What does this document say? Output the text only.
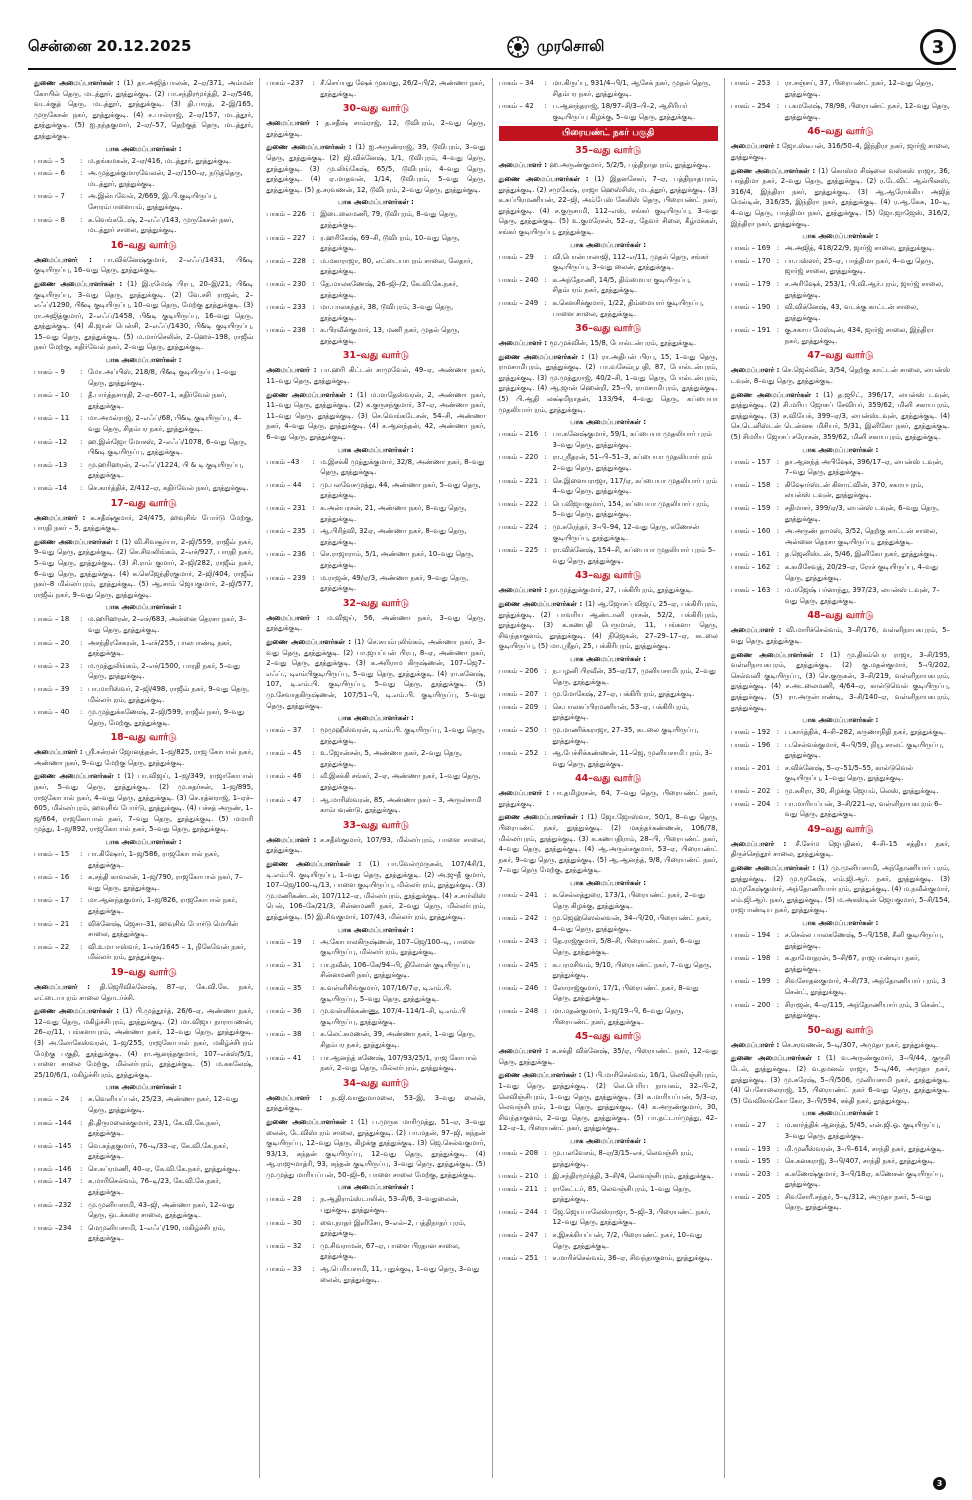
சென்னை 20.12.2025	முரசொலி	3

துணை அமைப்பாளர்கள் : (1) தா.அஜித்பாலன், 2–ஏ/371, அம்மன் கோயில் தெரு, மடத்தூர், தூத்துக்குடி. (2) பா.சந்திரமூர்த்தி, 2–ஏ/546, வடக்குத் தெரு, மடத்தூர், தூத்துக்குடி. (3) தி.பாரத், 2–இ/165, முருகேசன் நகர், தூத்துக்குடி. (4) ச.பால்ராஜ், 2–ஏ/157, மடத்தூர், தூத்துக்குடி. (5) ஐ.நந்தகுமார், 2–ஏ/–57, தெற்குத் தெரு, மடத்தூர், தூத்துக்குடி.

பாக அமைப்பாளர்கள் :
பாகம் – 5	: ம.தங்கமகன், 2–ஏ/416, மடத்தூர், தூத்துக்குடி.
பாகம் – 6	: அ.முத்துக்குமாரவேலன், 2–ஏ/150–ஏ, நடுத்தெரு, மடத்தூர், தூத்துக்குடி.
பாகம் – 7	: அ.இன்பவேல், 2/669, இ.பி.குடியிருப்பு, சோரம்பாளையம், தூத்துக்குடி.
பாகம் – 8	: க.வெங்கடேஷ், 2–எஃப்/143, முருகேசன் நகர், மடத்தூர் சாலை, தூத்துக்குடி.
16–வது வார்டு

அமைப்பாளர் : பா.விக்னேஷ்குமார், 2–எஃப்/1431, பி&டி குடியிருப்பு, 16–வது தெரு, தூத்துக்குடி.

துணை அமைப்பாளர்கள் : (1) இ.ரமேஷ் பிரபு, 20–இ/21, பி&டி குடியிருப்பு, 3–வது தெரு, தூத்துக்குடி. (2) வே.சசி ராஜன், 2–எஃப்/1290, பி&டி குடியிருப்பு, 10–வது தெரு, மேற்கு தூத்துக்குடி. (3) ரா.அஜித்குமார், 2–எஃப்/1458, பி&டி குடியிருப்பு, 16–வது தெரு, தூத்துக்குடி. (4) கி.ஜான் பென்சி, 2–எஃப்/1430, பி&டி குடியிருப்பு, 15–வது தெரு, தூத்துக்குடி. (5) ம.மார்செலின், 2–ஹெச்–198, ராஜீவ் நகர் மேற்கு, கதிர்வேல் நகர், 2–வது தெரு, தூத்துக்குடி.

பாக அமைப்பாளர்கள் :
பாகம் – 9	: மோ.அப்பிஸ், 218/8, பி&டி குடியிருப்பு 1–வது தெரு, தூத்துக்குடி.
பாகம் – 10	: தீ.பார்த்தசாரதி, 2–ஏ–607–1, கதிர்வேல் நகர், தூத்துக்குடி.
பாகம் – 11	: மா.அமல்ராஜ், 2–எஃப்/68, பி&டி குடியிருப்பு, 4–வது தெரு, சிதம்பர நகர், தூத்துக்குடி.
பாகம் –12	: ஹ.இன்ஜோ மோசஸ், 2–எஃப்/1078, 6–வது தெரு, பி&டி குடியிருப்பு, தூத்துக்குடி.
பாகம் –13	: மு.ஹரிஹரன், 2–எஃப்/1224, பி & டி குடியிருப்பு, தூத்துக்குடி.
பாகம் –14	: செ.கார்த்திக், 2/412–ஏ, கதிர்வேல் நகர், தூத்துக்குடி.
17–வது வார்டு

அமைப்பாளர் : க.சதீஷ்குமார், 24/475, ஹவுசிங் போர்டு மேற்கு, பாரதி நகர் – 5, தூத்துக்குடி.

துணை அமைப்பாளர்கள் : (1) வி.சிவசூர்யா, 2–ஜி/559, ராஜீவ் நகர், 9–வது தெரு, தூத்துக்குடி. (2) செ.சிவலிங்கம், 2–எச்/927, பாரதி நகர், 5–வது தெரு, தூத்துக்குடி. (3) சி.ராம் குமார், 2–ஜி/282, ராஜீவ் நகர், 6–வது தெரு, தூத்துக்குடி. (4) க.கெஜேந்திரகுமார், 2–ஜி/404, ராஜீவ் நகர்–8 மில்லர்புரம், தூத்துக்குடி. (5) ஆ.சாம் ஜெயகுமார், 2–ஜி/577, ராஜீவ் நகர், 9–வது தெரு, தூத்துக்குடி.

பாக அமைப்பாளர்கள் :
பாகம் – 18	: ம.ஹரிஹரன், 2–எச்/683, அன்னை தெரசா நகர், 3–வது தெரு, தூத்துக்குடி.
பாகம் – 20	: அசந்திரசேகரன், 1–எச்/255, பாலபாண்டி நகர், தூத்துக்குடி.
பாகம் – 23	: ம.முத்துலிங்கம், 2–எச்/1500, பாரதி நகர், 5–வது தெரு, தூத்துக்குடி.
பாகம் – 39	: பா.மாரிஸ்வர், 2–ஜி/498, ராஜீவ் நகர், 9–வது தெரு, மில்லர்புரம், தூத்துக்குடி.
பாகம் – 40	: மு.முத்துக்கணேஷ், 2–ஜி/599, ராஜீவ் நகர், 9–வது தெரு, மேற்கு, தூத்துக்குடி.
18–வது வார்டு

அமைப்பாளர் : ஸ்ரீ.சன்ரன் ஜோனத்தன், 1–ஜ/825, ராஜ கோபால் நகர், அண்ணா நகர், 9–வது மேற்கு தெரு, தூத்துக்குடி.

துணை அமைப்பாளர்கள் : (1) பா.விஜய், 1–ஜ/349, ராஜாகோபால் நகர், 5–வது தெரு, தூத்துக்குடி. (2) மு.சுதர்சன், 1–ஜ/895, ராஜகோபால் நகர், 4–வது தெரு, தூத்துக்குடி. (3) செ.ரத்னராஜ், 1–ஏச்–605, மில்லர்புரம், ஹவுசிங் போர்டு, தூத்துக்குடி. (4) பச்சத் அருண், 1–ஜ/664, ராஜகோபால் நகர், 7–வது தெரு, தூத்துக்குடி. (5) மமாரி முத்து, 1–ஜ/892, ராஜகோபால் நகர், 5–வது தெரு, தூத்துக்குடி.

பாக அமைப்பாளர்கள் :
பாகம் – 15	: பா.கிஷோர், 1–ஜ/586, ராஜகோபால் நகர், தூத்துக்குடி.
பாகம் – 16	: க.சந்தி காவலன், 1–ஜ/790, ராஜகோபால் நகர், 7–வது தெரு, தூத்துக்குடி.
பாகம் – 17	: மா.ஆனந்தகுமார், 1–ஜ/826, ராஜகோபால் நகர், தூத்துக்குடி.
பாகம் – 21	: விக்னேஷ், ஜெசா–31, ஹவுசிங் போர்டு மெயின் சாலை, தூத்துக்குடி.
பாகம் – 22	: வி.உமா ஈஸ்வர், 1–எச்/1645 – 1, நிகேவேன் நகர், மில்லர்புரம், தூத்துக்குடி.
19–வது வார்டு

அமைப்பாளர் : தி.ஜெரிவிக்னேஷ், 87–ஏ, கே.வி.கே. நகர், எட்டையபுரம் சாலை தொடர்ச்சி.

துணை அமைப்பாளர்கள் : (1) பி.முத்தூர்த், 26/6–ஏ, அண்ணா நகர், 12–வது தெரு, மகிழ்ச்சிபுரம், தூத்துக்குடி. (2) மா.விஜய நாராயணன், 26–ஏ/11, பங்களாபுரம், அண்ணா நகர், 12–வது தெரு, தூத்துக்குடி. (3) அ.லோகேஸ்வரன், 1–ஜ/255, ராஜகோபால் நகர், மகிழ்ச்சிபுரம் மேற்கு பகுதி, தூத்துக்குடி. (4) ரா.ஆனந்தகுமார், 107–எக்ஸ்/5/1, பாளை சாலை மேற்கு, மில்லர்புரம், தூத்துக்குடி. (5) ம.சுகலேஷ், 25/10/6/1, மகிழ்ச்சிபுரம், தூத்துக்குடி.

பாக அமைப்பாளர்கள் :
பாகம் – 24	: சு.வெளியப்பன், 25/23, அண்ணா நகர், 12–வது தெரு, தூத்துக்குடி.
பாகம் –144	: தி.திருமலைக்குமார், 23/1, கே.வி.கே.நகர், தூத்துக்குடி.
பாகம் –145	: வெ.கந்தகுமார், 76–டி/33–ஏ, கே.வி.கே.நகர், தூத்துக்குடி.
பாகம் –146	: செ.சுப்ரமணி, 40–ஏ, கே.வி.கே.நகர், தூத்துக்குடி.
பாகம் –147	: சு.மாரிசெல்வம், 76–டி/23, கே.வி.கே.நகர், தூத்துக்குடி.
பாகம் –232	: மு.முனியசாமி, 43–ஜி, அண்ணா நகர், 12–வது தெரு, ஒடக்கரை சாலை, தூத்துக்குடி.
பாகம் –234	: மெமுனியசாமி, 1–எஃப்/190, மகிழ்ச்சிபுரம், தூத்துக்குடி.
பாகம் –237	: சீ.செய்யது ஷேக் முகமது, 26/2–பி/2, அண்ணா நகர், தூத்துக்குடி.
30–வது வார்டு

அமைப்பாளர் : த.சதீஷ் சாம்ராஜ், 12, டூவிபுரம், 2–வது தெரு, தூத்துக்குடி.

துணை அமைப்பாளர்கள் : (1) ஐ.அருண்ராஜ், 39, டூவிபுரம், 3–வது தெரு, தூத்துக்குடி. (2) ஜி.விக்னேஷ், 1/1, டூவிபுரம், 4–வது தெரு, தூத்துக்குடி. (3) மு.லிங்கேஷ், 65/5, டூவிபுரம், 4–வது தெரு, தூத்துக்குடி. (4) ஏ.மாதவன், 1/14, டூவிபுரம், 5–வது தெரு, தூத்துக்குடி. (5) த.சரவணன், 12, டூவிபுரம், 2–வது தெரு, தூத்துக்குடி.

பாக அமைப்பாளர்கள் :
பாகம் – 226 : இடைலைமணி, 79, டூவிபுரம், 8–வது தெரு, தூத்துக்குடி.
பாகம் – 227 : ர.ஹரிகேஷ், 69–சி, டூவிபுரம், 10–வது தெரு, தூத்துக்குடி.
பாகம் – 228 : ம.மகாராஜா, 80, எட்டையாபுரம் சாலை, லேதார், தூத்துக்குடி.
பாகம் – 230 : தே.மாலகணேஷ், 26–ஜி–/2, கே.வி.கே.நகர், தூத்துக்குடி.
பாகம் – 233 : மா.பாலகந்தர், 38, டூவிபுரம், 3–வது தெரு, தூத்துக்குடி.
பாகம் – 238 : க.பிரவீன்குமார், 13, மணி நகர், முதல் தெரு, தூத்துக்குடி.
31–வது வார்டு

அமைப்பாளர் : பா.ஹரி கிட்டன் சாமுவேல், 49–ஏ, அண்ணா நகர், 11–வது தெரு, தூத்துக்குடி.

துணை அமைப்பாளர்கள் : (1) ம.மாதேஸ்வரன், 2, அண்ணா நகர், 11–வது தெரு, தூத்துக்குடி. (2) க.குருசந்குமார், 37–ஏ, அண்ணா நகர், 11–வது தெரு, தூத்துக்குடி. (3) செ.வெங்கடேசன், 54–சி, அண்ணா நகர், 4–வது தெரு, தூத்துக்குடி. (4) ச.ஆனந்தன், 42, அண்ணா நகர், 6–வது தெரு, தூத்துக்குடி.

பாக அமைப்பாளர்கள் :
பாகம் –43	: ம.இசக்கி முத்துக்குமார், 32/8, அண்ணா நகர், 8–வது தெரு, தூத்துக்குடி.
பாகம் – 44	: மு.பலவேசமுத்து, 44, அண்ணா நகர், 5–வது தெரு, தூத்துக்குடி.
பாகம் – 231 : க.அன்பரசன், 21, அண்ணா நகர், 8–வது தெரு, தூத்துக்குடி.
பாகம் – 235 : ஆ.பிரித்வி, 32ஏ, அண்ணா நகர், 8–வது தெரு, தூத்துக்குடி.
பாகம் – 236 : செ.ராஜாராம், 5/1, அண்ணா நகர், 10–வது தெரு, தூத்துக்குடி.
பாகம் – 239 : ம.ராஜன், 49/ஏ/3, அண்ணா நகர், 9–வது தெரு, தூத்துக்குடி.
32–வது வார்டு

அமைப்பாளர் : ம.விஜய், 56, அண்ணா நகர், 3–வது தெரு, தூத்துக்குடி.

துணை அமைப்பாளர்கள் : (1) செ.சுயம்புலிங்கம், அண்ணா நகர், 3–வது தெரு, தூத்துக்குடி. (2) பா.ஜயப்பன் பிரபு, 8–ஏ, அண்ணா நகர், 2–வது தெரு, தூத்துக்குடி. (3) க.அரிராம கிருஷ்ணன், 107–ஜெ7–எஃப்., டிஎம்பிகுடியிருப்பு, 5–வது தெரு, தூத்துக்குடி. (4) ரா.கனேஷ், 107, டி.எம்.பி. குடியிருப்பு, 5–வது தெரு, தூத்துக்குடி. (5) மு.சேவாதகிருஷ்ணன், 107/51–பி, டி.எம்.பி. குடியிருப்பு, 5–வது தெரு, தூத்துக்குடி.

பாக அமைப்பாளர்கள் :
பாகம் – 37	: மூமுஹீஸ்வரன், டி.எம்.பி. குடியிருப்பு, 1–வது தெரு, தூத்துக்குடி.
பாகம் – 45	: உ.ஜோன்சன், 5, அண்ணா நகர், 2–வது தெரு, தூத்துக்குடி.
பாகம் – 46	: வீ.இசக்கி சங்கர், 2–ஏ, அண்ணா நகர், 1–வது தெரு, தூத்துக்குடி.
பாகம் – 47	: ஆ.மாரிஸ்வரன், 85, அண்ணா நகர் – 3, அருள்சாமி காம்பவுண்டு, தூத்துக்குடி.
33–வது வார்டு

அமைப்பாளர் : ச.சதீஸ்குமார், 107/93, மில்லர்புரம், பாளை சாலை, தூத்துக்குடி.

துணை அமைப்பாளர்கள் : (1) பா.வேல்முருகன், 107/4சி/1, டி.எம்.பி. குடியிருப்பு, 1–வது தெரு, தூத்துக்குடி. (2) அ.ஜுதீ குமார், 107–ஜெ/100–டி/13, பாளை குடியிருப்பு, மில்லர்புரம், தூத்துக்குடி. (3) மு.மணிகண்டன், 107/112–ஏ, மில்லர்புரம், தூத்துக்குடி. (4) ச.சார்லிஸ் பெல், 106–கே/21/3, சின்னமணி நகர், 2–வது தெரு, மில்லர்புரம், தூத்துக்குடி. (5) இ.சிவகுமார், 107/43, மில்லர்புரம், தூத்துக்குடி.

பாக அமைப்பாளர்கள் :
பாகம் – 19	: அ.கோபாலகிருஷ்ணன், 107–ஜெ/100–டி, பாளை குடியிருப்பு, மில்லர்புரம், தூத்துக்குடி.
பாகம் – 31	: பா.நவீன், 106–கே/94–பி, திலோன் குடியிருப்பு, சின்னமணி நகர், தூத்துக்குடி.
பாகம் – 35	: க.வள்ளிசிங்குமார், 107/16/7ஏ, டி.எம்.பி. குடியிருப்பு, 5–வது தெரு, தூத்துக்குடி.
பாகம் – 36	: மு.வள்ளிக்கண்ணு, 107/4–114/1–சி, டி.எம்.பி குடியிருப்பு, தூத்துக்குடி.
பாகம் – 38	: க.லெட்சுமணன், 39, அண்ணா நகர், 1–வது தெரு, சிதம்பர நகர், தூத்துக்குடி.
பாகம் – 41	: பா.ஆனந்த் கணேஷ், 107/93/25/1, ராஜ கோபால் நகர், 2–வது தெரு, மில்லர்புரம், தூத்துக்குடி.
34–வது வார்டு

அமைப்பாளர் : ந.ஜி.வானுமாமலை, 53–இ, 3–வது லைன், தூத்துக்குடி.

துணை அமைப்பாளர்கள் : (1) ப.முருக மாரிமுத்து, 51–ஏ, 3–வது லைன், டேவிஸ்புரம் சாலை, தூத்துக்குடி. (2) பா.மதன், 97–ஜி, கந்தன் குடியிருப்பு, 12–வது தெரு, கிழக்கு தூத்துக்குடி. (3) ஜெ.செல்வகுமார், 93/13, கந்தன் குடியிருப்பு, 12–வது தெரு, தூத்துக்குடி. (4) ஆ.ராஜுமாத்ரி, 93, கந்தன் குடியிருப்பு, 3–வது தெரு, தூத்துக்குடி. (5) மு.முத்து மாரியப்பன், 50–ஜி–6, பாளை சாலை மேற்கு, தூத்துக்குடி.

பாக அமைப்பாளர்கள் :
பாகம் – 28	: ந.ஆதிராம்ஸ்டாலின், 53–சி/6, 3–வதுலைன், புதுக்குடி, தூத்துக்குடி.
பாகம் – 30	: வை.நாதர் இளிசோ, 9–எல்–2, பத்திநாதர் புரம், தூத்துக்குடி.
பாகம் – 32	: மு.சிவராமன், 67–ஏ, பாளை பிரதான சாலை, தூத்துக்குடி.
பாகம் – 33	: ஆ.பெரியசாமி, 11, புதுக்குடி, 1–வது தெரு, 3–வது லைன், தூத்துக்குடி.
பாகம் – 34	: மா.கிருப்பு, 931/4–பி/1, ஆசேக் நகர், முதல் தெரு, சிதம்பர நகர், தூத்துக்குடி.
பாகம் – 42	: ப.ஆனந்தராஜ், 18/97–சி/3–பி–2, ஆசிரியர் குடியிருப்பு கிழக்கு, 5–வது தெரு, தூத்துக்குடி.
பிரையண்ட் நகர் பகுதி
35–வது வார்டு

அமைப்பாளர் : ஹ.அருண்குமார், 5/2/5, பத்திநாதபுரம், தூத்துக்குடி.

துணை அமைப்பாளர்கள் : (1) இதனசேகர், 7–ஏ, பத்திநாதபுரம், தூத்துக்குடி. (2) சமுகேஷ், ராஜா ஹெஸ்சிஸ், மடத்தூர், தூத்துக்குடி. (3) க.சுப்பிரமணியன், 22–ஜி, அம்பேஸ் கேலிஸ் தெரு, பிரையண்ட் நகர், தூத்துக்குடி. (4) ச.குருசாமி, 112–எஸ், சங்கர் குடியிருப்பு, 3–வது தெரு, தூத்துக்குடி. (5) உ.குமரேசன், 52–ஏ, தேவர் சிலை, கீழ்மக்கள், சங்கர் குடியிருப்பு, தூத்துக்குடி.

பாக அமைப்பாளர்கள் :
பாகம் – 29	: வி.பொன்பாலாஜி, 112–எ/11, முதல் தெரு, சங்கர் குடியிருப்பு, 3–வது லைன், தூத்துக்குடி.
பாகம் – 240 : க.அந்தோணி, 14/5, திம்மையா குடியிருப்பு, சிதம்பரம் நகர், தூத்துக்குடி.
பாகம் – 249 : க.கௌசிக்குமார், 1/22, திம்மையார் குடியிருப்பு, பாளை சாலை, தூத்துக்குடி.
36–வது வார்டு

அமைப்பாளர் : மூ.முக்வின், 15/8, போல்டன்புரம், தூத்துக்குடி.

துணை அமைப்பாளர்கள் : (1) ரா.அதிபன் பிரபு, 15, 1–வது தெரு, ராமசாமிபுரம், தூத்துக்குடி. (2) பா.வசேவ்பூபதி, 87, போல்டன்புரம், தூத்துக்குடி. (3) மு.முத்துராஜ், 40/2–சி, 1–வது தெரு, போல்டன்புரம், தூத்துக்குடி. (4) ஆ.ஜான் ஹென்றி, 25–பி, ராமசாமிபுரம், தூத்துக்குடி. (5) பி.ஆதி லக்ஷ்மிநாதன், 133/94, 4–வது தெரு, கப்பையா முதலியார்புரம், தூத்துக்குடி.

பாக அமைப்பாளர்கள் :
பாகம் – 216 : பா.கனேஷ்குமார், 59/1, கப்பையா முதலியார் புரம் 3–வது தெரு, தூத்துக்குடி.
பாகம் – 220 : ரா.ஸ்ரீதரன், 51–பி–51–3, கப்பையா முதலியார்புரம் 2–வது தெரு, தூத்துக்குடி.
பாகம் – 221 : செ.இளையராஜா, 117/ஏ, கப்பையா முதலியார் புரம் 4–வது தெரு, தூத்துக்குடி.
பாகம் – 222 : பெ.விஜயகுமார், 154, கப்பையா முதலியார் புரம், 5–வது தெரு, தூத்துக்குடி.
பாகம் – 224 : மு.சுரேந்தர், 3–பி–94, 12–வது தெரு, கணேசன் குடியிருப்பு, தூத்துக்குடி.
பாகம் – 225 : ரா.விக்னேஷ், 154–சி, கப்பையா முதலியார் புரம் 5–வது தெரு, தூத்துக்குடி.
43–வது வார்டு

அமைப்பாளர் : நா.முத்துக்குமார், 27, பக்கிரிபுரம், தூத்துக்குடி.

துணை அமைப்பாளர்கள் : (1) ஆ.ஜோசப் விஜய், 25–ஏ, பக்கிரிபுரம், தூத்துக்குடி. (2) பாவரிய ஆண்டானி ராசன், 52/2, பக்கிரிபுரம், தூத்துக்குடி. (3) க.கணபதி பெருமாள், 11, பங்களா தெரு, சிவந்தாகுளம், தூத்துக்குடி. (4) நிஜெகன், 27–29–17–ஏ, சுடலை குடியிருப்பு, (5) மா.ஸ்ரீதர், 25, பக்கிரிபுரம், தூத்துக்குடி.

பாக அமைப்பாளர்கள் :
பாகம் – 206 : ந.பழனி பிரவீன், 35–ஏ/17, முனியசாமிபுரம், 2–வது தெரு, தூத்துக்குடி.
பாகம் – 207 : மு.மோகேஷ், 27–ஏ, பக்கிரிபுரம், தூத்துக்குடி.
பாகம் – 209 : செ.பாலசுப்பிரமணியன், 53–ஏ, பக்கிரிபுரம், தூத்துக்குடி.
பாகம் – 250 : மு.மாணிக்கராஜா, 27–35, சுடலை குடியிருப்பு, தூத்துக்குடி.
பாகம் – 252 : ஆ.பேச்சிக்கண்ணன், 11–ஜெ, முனியசாமி புரம், 3–வது தெரு, தூத்துக்குடி.
44–வது வார்டு

அமைப்பாளர் : பா.தமிழரசன், 64, 7–வது தெரு, பிரையண்ட் நகர், தூத்துக்குடி.

துணை அமைப்பாளர்கள் : (1) ஜோ.ஜோஸ்வா, 50/1, 8–வது தெரு, பிரையண்ட் நகர், தூத்துக்குடி. (2) மகந்தர்கண்ணன், 106/78, மில்லர்புரம், தூத்துக்குடி. (3) க.கணபதிராம், 28–பி, பிரையண்ட் நகர், 4–வது தெரு, தூத்துக்குடி. (4) ஆ.அருள்சகுமார், 53–ஏ, பிரையண்ட் நகர், 9–வது தெரு, தூத்துக்குடி. (5) ஆ.ஆனந்த், 9/8, பிரையண்ட் நகர், 7–வது தெரு மேற்கு, தூத்துக்குடி.

பாக அமைப்பாளர்கள் :
பாகம் – 241 : க.செல்லத்துரை, 173/1, பிரையண்ட் நகர், 2–வது தெரு கிழக்கு, தூத்துக்குடி.
பாகம் – 242 : மு.ஜெஹ்ஸெல்லவன், 34–பி/20, பிரையண்ட் நகர், 4–வது தெரு, தூத்துக்குடி.
பாகம் – 243 : தே.ராஜ்குமார், 5/8–சி, பிரையண்ட் நகர், 6–வது தெரு, தூத்துக்குடி.
பாகம் – 245 : க.பரமசிவம், 9/10, பிரையண்ட் நகர், 7–வது தெரு, தூத்துக்குடி.
பாகம் – 246 : லோராஜ்குமார், 17/1, பிரையண்ட் நகர், 8–வது தெரு, தூத்துக்குடி.
பாகம் – 248 : மா.மதன்குமார், 1–ஜ/19–பி, 6–வது தெரு, பிரையண்ட் நகர், தூத்துக்குடி.
45–வது வார்டு

அமைப்பாளர் : க.சக்தி விக்னேஷ், 35/ஏ, பிரையண்ட் நகர், 12–வது தெரு, தூத்துக்குடி.

துணை அமைப்பாளர்கள் : (1) பி.மாரிசெல்வம், 16/1, லெவிஞ்சிபுரம், 1–வது தெரு, தூத்துக்குடி. (2) லெ.பெரிய நாயகம், 32–பி–2, லெவிஞ்சிபுரம், 1–வது தெரு, தூத்துக்குடி. (3) க.மாரியப்பன், 5/3–ஏ, லெவஞ்சிபுரம், 1–வது தெரு, தூத்துக்குடி. (4) க.அருண்குமார், 30, சிவந்தாகுளம், 2–வது தெரு, தூத்துக்குடி. (5) பா.தட்டார்முத்து, 42–12–ஏ–1, பிரையண்ட் நகர், தூத்துக்குடி.

பாக அமைப்பாளர்கள் :
பாகம் – 208 : மு.பலவேசம், 8–ஏ/3/15–எச், லெவஞ்சிபுரம், தூத்துக்குடி.
பாகம் – 210 : இ.சந்திரமூர்த்தி, 3–சி/4, லெவஞ்சிபுரம், தூத்துக்குடி.
பாகம் – 211 : ராகேட்டர், 85, லெவஞ்சிபுரம், 1–வது தெரு, தூத்துக்குடி.
பாகம் – 244 : ஜே.ஜெயபாலேஸ்ராஜா, 5–ஜி–3, பிரையண்ட் நகர், 12–வது தெரு, தூத்துக்குடி.
பாகம் – 247 : ச.இசக்கியப்பன், 7/2, பிரையண்ட் நகர், 10–வது தெரு, தூத்துக்குடி.
பாகம் – 251 : ச.மாரிச்செல்வம், 36–ஏ, சிவந்தாகுளம், தூத்துக்குடி.
பாகம் – 253 : ரா.சஞ்சய், 37, பிரையண்ட் நகர், 12–வது தெரு, தூத்துக்குடி.
பாகம் – 254 : ப.கமலேஷ், 78/98, பிரையண்ட் நகர், 12–வது தெரு, தூத்துக்குடி.
46–வது வார்டு

அமைப்பாளர் : ஜோ.ஸ்டீபன், 316/50–4, இந்திரா நகர், ஜார்ஜ் சாலை, தூத்துக்குடி.

துணை அமைப்பாளர்கள் : (1) கொஸ்ம சிஷ்லை வஸ்கஸ் ராஜா, 36, பாத்திமா நகர், 2–வது தெரு, தூத்துக்குடி. (2) ர.டேவிட் ஆல்பினஸ், 316/4, இந்திரா நகர், தூத்துக்குடி. (3) ஆ.ஆரோக்கிய அஜித் மெல்டின், 316/35, இந்திரா நகர், தூத்துக்குடி. (4) ர.ஆ.கேசு, 10–டி, 4–வது தெரு, பாத்திமா நகர், தூத்துக்குடி. (5) ஜோ.ஜாஜேஸ், 316/2, இந்திரா நகர், தூத்துக்குடி.

பாக அமைப்பாளர்கள் :
பாகம் – 169 : அ.அஜித், 418/22/9, ஜார்ஜ் சாலை, தூத்துக்குடி.
பாகம் – 170 : பா.பஸ்ஸர், 25–ஏ, பாத்திமா நகர், 4–வது தெரு, ஜார்ஜ் சாலை, தூத்துக்குடி.
பாகம் – 179 : ச.அரிஷேக், 253/1, பி.வி.ஆர்.புரம், ஜார்ஜ் சாலை, தூத்துக்குடி.
பாகம் – 190 : வி.விக்னேஷ், 43, வடக்கு காட்டன் சாலை, தூத்துக்குடி.
பாகம் – 191 : கு.சகாய மேஸ்டின், 434, ஜார்ஜ் சாலை, இந்திரா நகர், தூத்துக்குடி.
47–வது வார்டு

அமைப்பாளர் : செ.ஜெல்வின், 3/54, தெற்கு காட்டன் சாலை, லயன்ஸ் டவுன், 8–வது தெரு, தூத்துக்குடி.

துணை அமைப்பாளர்கள் : (1) த.ஜூட், 396/17, லயன்ஸ் டவுன், தூத்துக்குடி. (2) சி.மரிய ஜோசப் சேவியர், 359/62, மினி சகாயபுரம், தூத்துக்குடி. (3) ச.வியேக், 399–ஏ/3, லயன்ஸ்டவுன், தூத்துக்குடி. (4) செ.டெனிஸ்டன் டென்னசு மிசியர், 5/31, இனிகோ நகர், தூத்துக்குடி. (5) சிமரிய ஜோசப் சரோசன், 359/62, மினி சகாயபுரம், தூத்துக்குடி.

பாக அமைப்பாளர்கள் :
பாகம் – 157 : தா.ஆனந்த் அபிஷேக், 396/17–ஏ, லயன்ஸ் டவுன், 7–வது தெரு, தூத்துக்குடி.
பாகம் – 158 : கிஷோர்ஸ்டன் கிளாட்வின், 370, சகாயபுரம், லயன்ஸ் டவுன், தூத்துக்குடி.
பாகம் – 159 : சதிமாசர், 399/ஏ/3, லயன்ஸ் டவுன், 6–வது தெரு, தூத்துக்குடி.
பாகம் – 160 : அ.அருண் தாமஸ், 3/52, தெற்கு காட்டன் சாலை, அன்னை தெரசா குடியிருப்பு, தூத்துக்குடி.
பாகம் – 161 : த.ஜெனிஸ்டன், 5/46, இனிகோ நகர், தூத்துக்குடி.
பாகம் – 162 : க.கமிசேவுத், 20/29–ஏ, ரோச் குடியிருப்பு, 4–வது தெரு, தூத்துக்குடி.
பாகம் – 163 : ம.மஜேஷ் பர்னாந்து, 397/23, லயன்ஸ் டவுன், 7–வது தெரு, தூத்துக்குடி.
48–வது வார்டு

அமைப்பாளர் : வி.மாரிச்செல்வம், 3–சி/176, வள்ளிநாயகபுரம், 5–வது தெரு, தூத்துக்குடி.

துணை அமைப்பாளர்கள் : (1) மு.திகம்பெர ராஜா, 3–சி/195, வள்ளிநாயகபுரம், தூத்துக்குடி. (2) கு.மதன்குமார், 5–பி/202, செல்வனி குடியிருப்பு, (3) செ.குருகன், 3–சி/219, வள்ளிநாயகபுரம், தூத்துக்குடி. (4) ச.அடலைமணி, 4/64–ஏ, கால்டுவெல் குடியிருப்பு, தூத்துக்குடி. (5) ரா.அருள்பாண்டி, 3–சி/140–ஏ, வள்ளிநாயகபுரம், தூத்துக்குடி.

பாக அமைப்பாளர்கள் :
பாகம் – 192 : ப.கார்த்திக், 4–சி–282, கருணாநிதி நகர், தூத்துக்குடி.
பாகம் – 196 : ப.செல்வக்குமார், 4–பி/59, நியூ சாலட் குடியிருப்பு, தூத்துக்குடி.
பாகம் – 201 : ச.விக்னேஷ், 5–ஏ–51/5–55, கால்டுவெல் குடியிருப்பு, 1–வது தெரு, தூத்துக்குடி.
பாகம் – 202 : மு.சுசிரா, 30, சிழக்கு ஜெயம், லெஸ், தூத்துக்குடி.
பாகம் – 204 : பா.மாரியப்பன், 3–சி/221–ஏ, வள்ளிநாயகபுரம் 6–வது தெரு, தூத்துக்குடி.
49–வது வார்டு

அமைப்பாளர் : சீ.சேர்ம ஜெபதினர், 4–சி–15 சத்திய நகர், திருச்செந்தூர் சாலை, தூத்துக்குடி.

துணை அமைப்பாளர்கள் : (1) மு.முனியசாமி, அந்தோணியார் புரம், தூத்துக்குடி. (2) மு.மூகேஷ், எம்.ஜி.ஆர். நகர், தூத்துக்குடி. (3) ம.முகேஷ்குமார், அந்தோணியார்புரம், தூத்துக்குடி. (4) ம.நவீன்குமார், எம்.ஜி.ஆர். நகர், தூத்துக்குடி. (5) ம.அகஸ்டின் ஜெயகுமார், 5–சி/154, ராஜபாண்டிய நகர், தூத்துக்குடி.

பாக அமைப்பாளர்கள் :
பாகம் – 194 : ச.செல்ல பாலகணேஷ், 5–பி/158, சீனி குடியிருப்பு, தூத்துக்குடி.
பாகம் – 198 : க.தாமோதரன், 5–சி/67, ராஜபாண்டிய நகர், தூத்துக்குடி.
பாகம் – 199 : சிவசோதனகுமார், 4–சி/73, அந்தோணியார் புரம், 3 சென்ட், தூத்துக்குடி.
பாகம் – 200 : சிராஜன், 4–ஏ/115, அந்தோணியார்புரம், 3 சென்ட், தூத்துக்குடி.
50–வது வார்டு

அமைப்பாளர் : செ.சரவணன், 5–டி/307, அமுதா நகர், தூத்துக்குடி.

துணை அமைப்பாளர்கள் : (1) வ.அருண்குமார், 3–பி/44, குருசி டேல், தூத்துக்குடி. (2) வ.தமனவ் ராஜா, 5–டி/46, அமுதா நகர், தூத்துக்குடி. (3) மு.சுரேஷ், 5–பி/506, முனியசாமி நகர், தூத்துக்குடி. (4) பெசோலைராஜ், 15, பிரையண்ட் நகர் 6–வது தெரு, தூத்துக்குடி. (5) வேவிளங்கோ கோ, 3–பி/594, சக்தி நகர், தூத்துக்குடி.

பாக அமைப்பாளர்கள் :
பாகம் – 27	: ம.கார்த்திக் ஆனந்த், 5/45, என்.ஜி.ஓ. குடியிருப்பு, 3–வது தெரு, தூத்துக்குடி.
பாகம் – 193 : மி.முனீஸ்வரன், 3–பி–614, சாந்தி நகர், தூத்துக்குடி.
பாகம் – 195 : செ.கனகராஜ், 3–பி/407, சாந்தி நகர், தூத்துக்குடி.
பாகம் – 203 : க.கணேஷ்குமார், 3–பி/18ஏ, கணேசன் குடியிருப்பு, தூத்துக்குடி.
பாகம் – 205 : சிவசோரீ.சந்தர், 5–டி/312, அமுதா நகர், 5–வது தெரு, தூத்துக்குடி.
3
